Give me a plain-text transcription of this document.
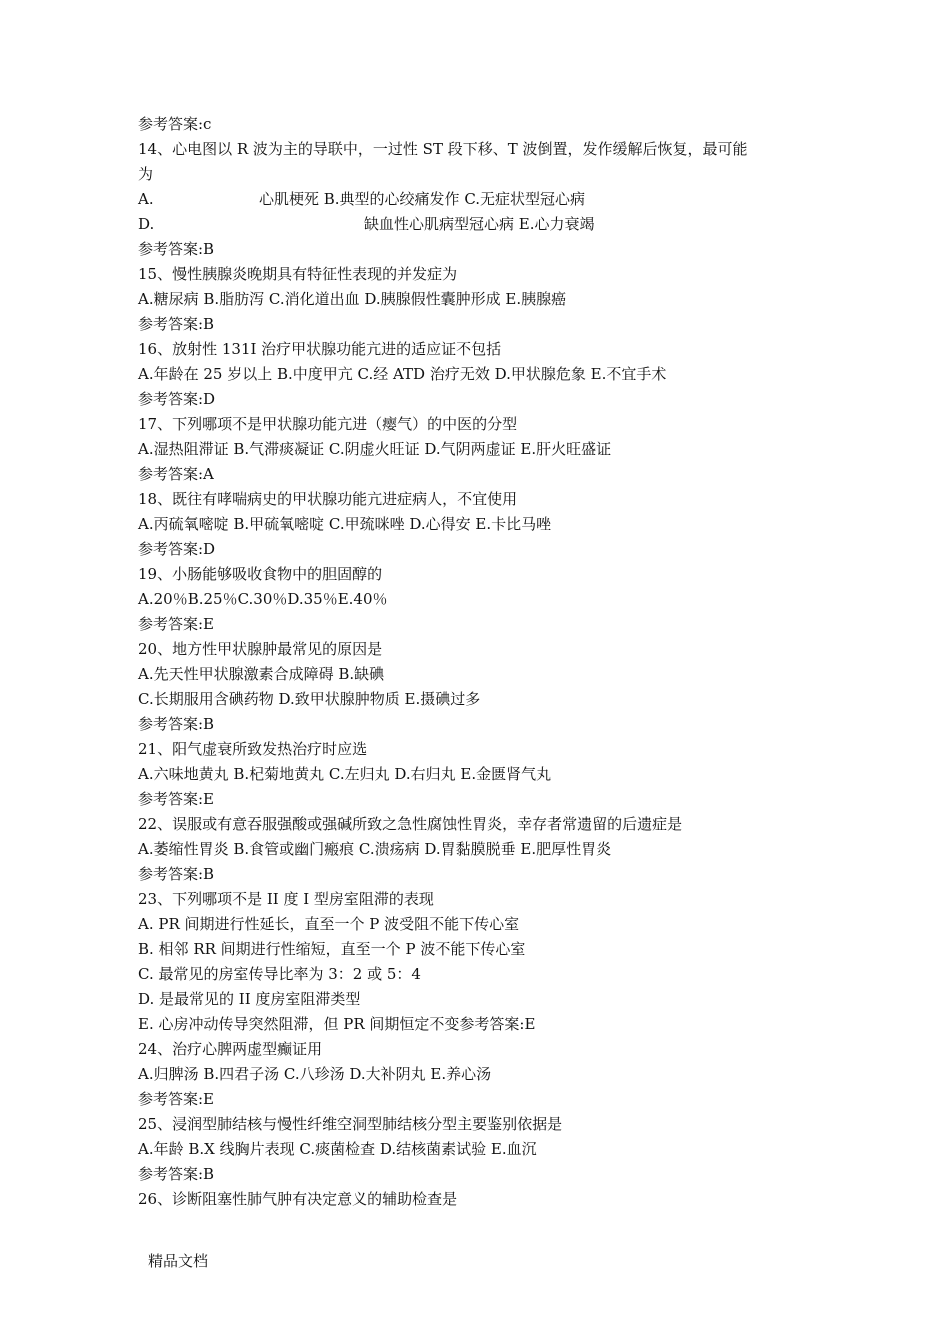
参考答案:c
14、心电图以 R 波为主的导联中，一过性 ST 段下移、T 波倒置，发作缓解后恢复，最可能
为
A.	心肌梗死 B.典型的心绞痛发作 C.无症状型冠心病
D.	缺血性心肌病型冠心病 E.心力衰竭
参考答案:B
15、慢性胰腺炎晚期具有特征性表现的并发症为
A.糖尿病 B.脂肪泻 C.消化道出血 D.胰腺假性囊肿形成 E.胰腺癌
参考答案:B
16、放射性 131I 治疗甲状腺功能亢进的适应证不包括
A.年龄在 25 岁以上 B.中度甲亢 C.经 ATD 治疗无效 D.甲状腺危象 E.不宜手术
参考答案:D
17、下列哪项不是甲状腺功能亢进（瘿气）的中医的分型
A.湿热阻滞证 B.气滞痰凝证 C.阴虚火旺证 D.气阴两虚证 E.肝火旺盛证
参考答案:A
18、既往有哮喘病史的甲状腺功能亢进症病人，不宜使用
A.丙硫氧嘧啶 B.甲硫氧嘧啶 C.甲巯咪唑 D.心得安 E.卡比马唑
参考答案:D
19、小肠能够吸收食物中的胆固醇的
A.20％B.25％C.30％D.35％E.40％
参考答案:E
20、地方性甲状腺肿最常见的原因是
A.先天性甲状腺激素合成障碍 B.缺碘
C.长期服用含碘药物 D.致甲状腺肿物质 E.摄碘过多
参考答案:B
21、阳气虚衰所致发热治疗时应选
A.六味地黄丸 B.杞菊地黄丸 C.左归丸 D.右归丸 E.金匮肾气丸
参考答案:E
22、误服或有意吞服强酸或强碱所致之急性腐蚀性胃炎，幸存者常遗留的后遗症是
A.萎缩性胃炎 B.食管或幽门瘢痕 C.溃疡病 D.胃黏膜脱垂 E.肥厚性胃炎
参考答案:B
23、下列哪项不是 II 度 I 型房室阻滞的表现
A. PR 间期进行性延长，直至一个 P 波受阻不能下传心室
B. 相邻 RR 间期进行性缩短，直至一个 P 波不能下传心室
C. 最常见的房室传导比率为 3：2 或 5：4
D. 是最常见的 II 度房室阻滞类型
E. 心房冲动传导突然阻滞，但 PR 间期恒定不变参考答案:E
24、治疗心脾两虚型癫证用
A.归脾汤 B.四君子汤 C.八珍汤 D.大补阴丸 E.养心汤
参考答案:E
25、浸润型肺结核与慢性纤维空洞型肺结核分型主要鉴别依据是
A.年龄 B.X 线胸片表现 C.痰菌检查 D.结核菌素试验 E.血沉
参考答案:B
26、诊断阻塞性肺气肿有决定意义的辅助检查是
精品文档
